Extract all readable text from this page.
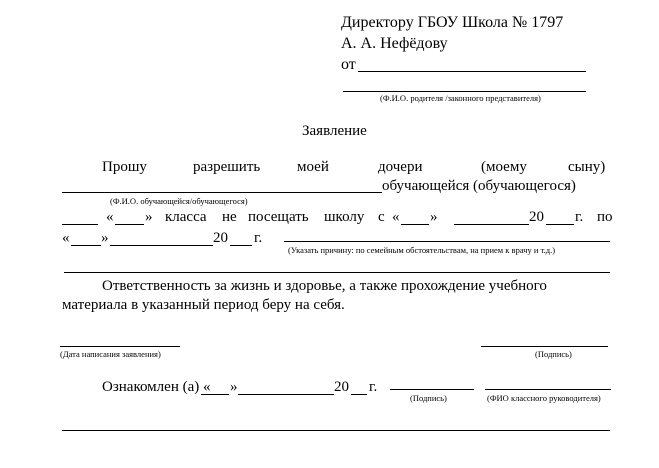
Директору ГБОУ Школа № 1797
А. А. Нефёдову
от
(Ф.И.О. родителя /законного представителя)
Заявление
Прошу	разрешить моей	дочери	(моему	сыну)
обучающейся (обучающегося)
(Ф.И.О. обучающейся/обучающегося)
« » класса не посещать школу с « »	20 г. по
« »	20 г.
(Указать причину: по семейным обстоятельствам, на прием к врачу и т.д.)
Ответственность за жизнь и здоровье, а также прохождение учебного
материала в указанный период беру на себя.
(Дата написания заявления)	(Подпись)
Ознакомлен (а) « »	20 г.
(Подпись)	(ФИО классного руководителя)
